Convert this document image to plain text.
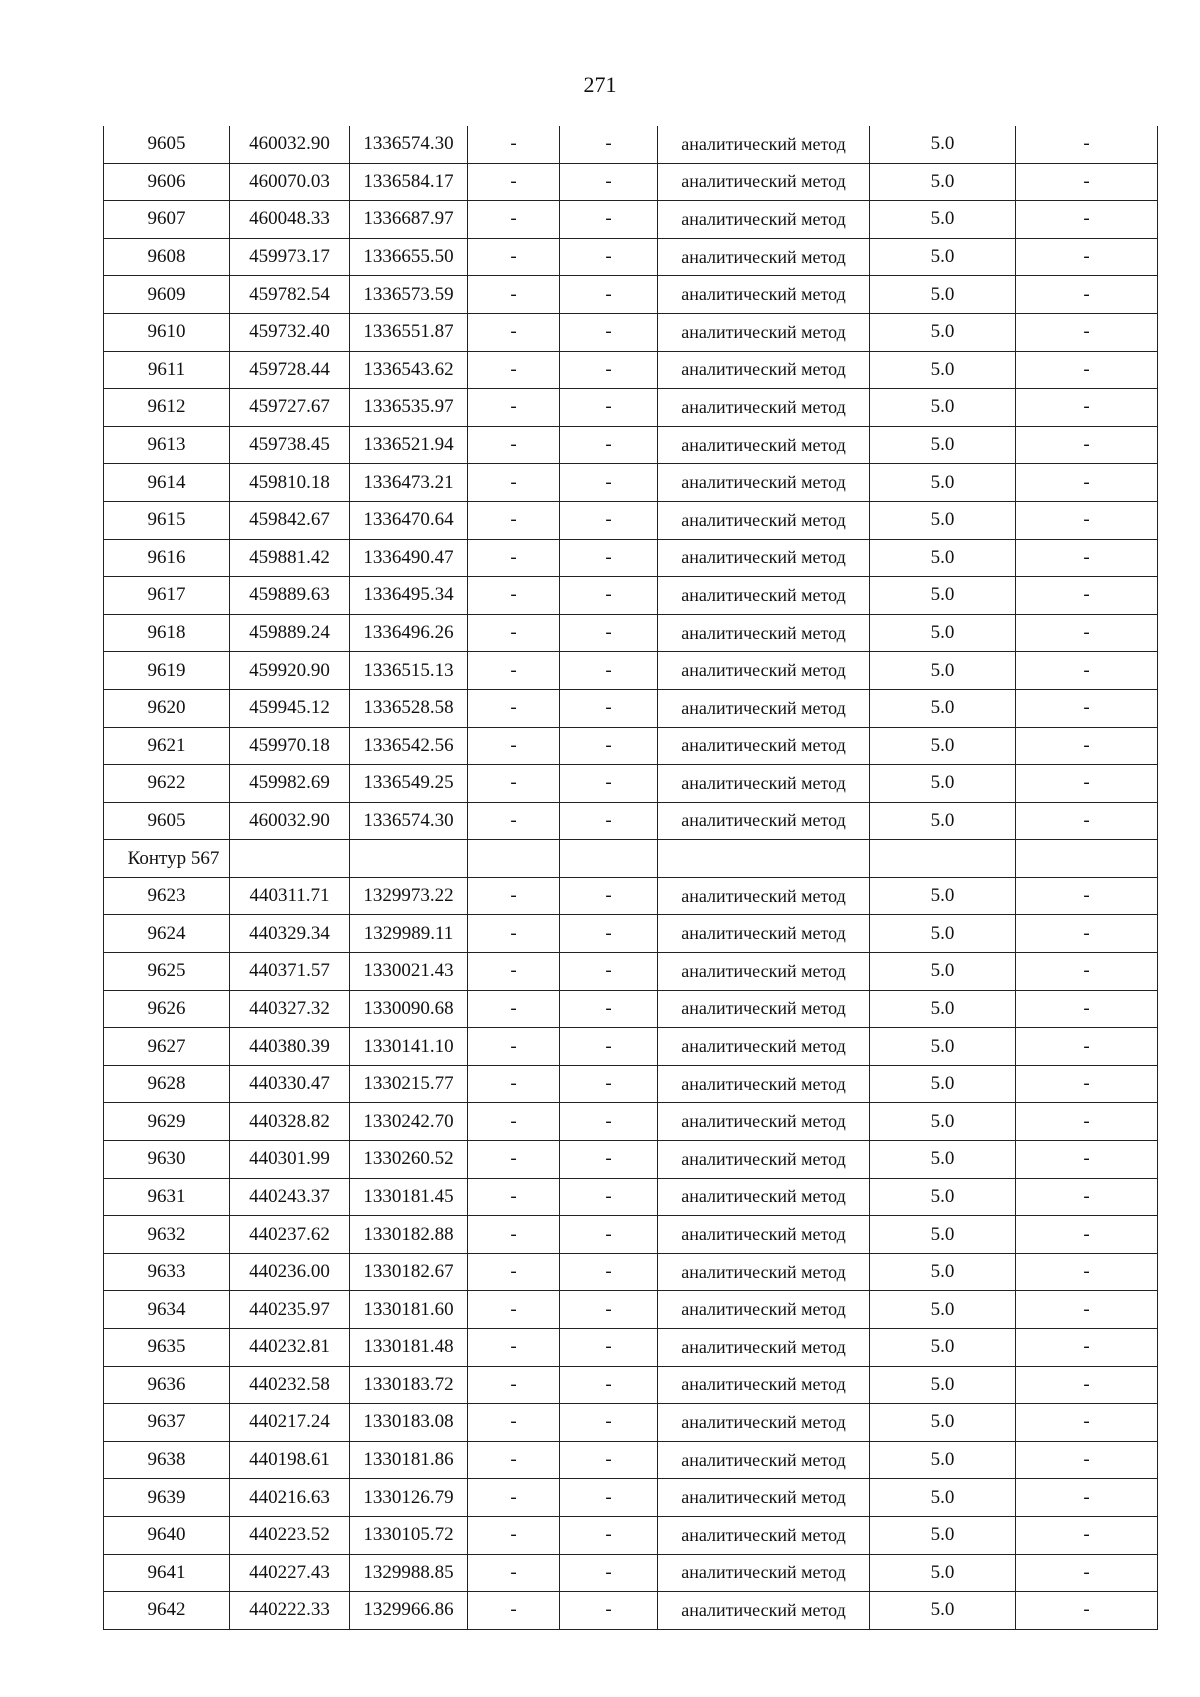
271
9605	460032.90	1336574.30	-	-	аналитический метод	5.0	-
9606	460070.03	1336584.17	-	-	аналитический метод	5.0	-
9607	460048.33	1336687.97	-	-	аналитический метод	5.0	-
9608	459973.17	1336655.50	-	-	аналитический метод	5.0	-
9609	459782.54	1336573.59	-	-	аналитический метод	5.0	-
9610	459732.40	1336551.87	-	-	аналитический метод	5.0	-
9611	459728.44	1336543.62	-	-	аналитический метод	5.0	-
9612	459727.67	1336535.97	-	-	аналитический метод	5.0	-
9613	459738.45	1336521.94	-	-	аналитический метод	5.0	-
9614	459810.18	1336473.21	-	-	аналитический метод	5.0	-
9615	459842.67	1336470.64	-	-	аналитический метод	5.0	-
9616	459881.42	1336490.47	-	-	аналитический метод	5.0	-
9617	459889.63	1336495.34	-	-	аналитический метод	5.0	-
9618	459889.24	1336496.26	-	-	аналитический метод	5.0	-
9619	459920.90	1336515.13	-	-	аналитический метод	5.0	-
9620	459945.12	1336528.58	-	-	аналитический метод	5.0	-
9621	459970.18	1336542.56	-	-	аналитический метод	5.0	-
9622	459982.69	1336549.25	-	-	аналитический метод	5.0	-
9605	460032.90	1336574.30	-	-	аналитический метод	5.0	-
Контур 567							
9623	440311.71	1329973.22	-	-	аналитический метод	5.0	-
9624	440329.34	1329989.11	-	-	аналитический метод	5.0	-
9625	440371.57	1330021.43	-	-	аналитический метод	5.0	-
9626	440327.32	1330090.68	-	-	аналитический метод	5.0	-
9627	440380.39	1330141.10	-	-	аналитический метод	5.0	-
9628	440330.47	1330215.77	-	-	аналитический метод	5.0	-
9629	440328.82	1330242.70	-	-	аналитический метод	5.0	-
9630	440301.99	1330260.52	-	-	аналитический метод	5.0	-
9631	440243.37	1330181.45	-	-	аналитический метод	5.0	-
9632	440237.62	1330182.88	-	-	аналитический метод	5.0	-
9633	440236.00	1330182.67	-	-	аналитический метод	5.0	-
9634	440235.97	1330181.60	-	-	аналитический метод	5.0	-
9635	440232.81	1330181.48	-	-	аналитический метод	5.0	-
9636	440232.58	1330183.72	-	-	аналитический метод	5.0	-
9637	440217.24	1330183.08	-	-	аналитический метод	5.0	-
9638	440198.61	1330181.86	-	-	аналитический метод	5.0	-
9639	440216.63	1330126.79	-	-	аналитический метод	5.0	-
9640	440223.52	1330105.72	-	-	аналитический метод	5.0	-
9641	440227.43	1329988.85	-	-	аналитический метод	5.0	-
9642	440222.33	1329966.86	-	-	аналитический метод	5.0	-
